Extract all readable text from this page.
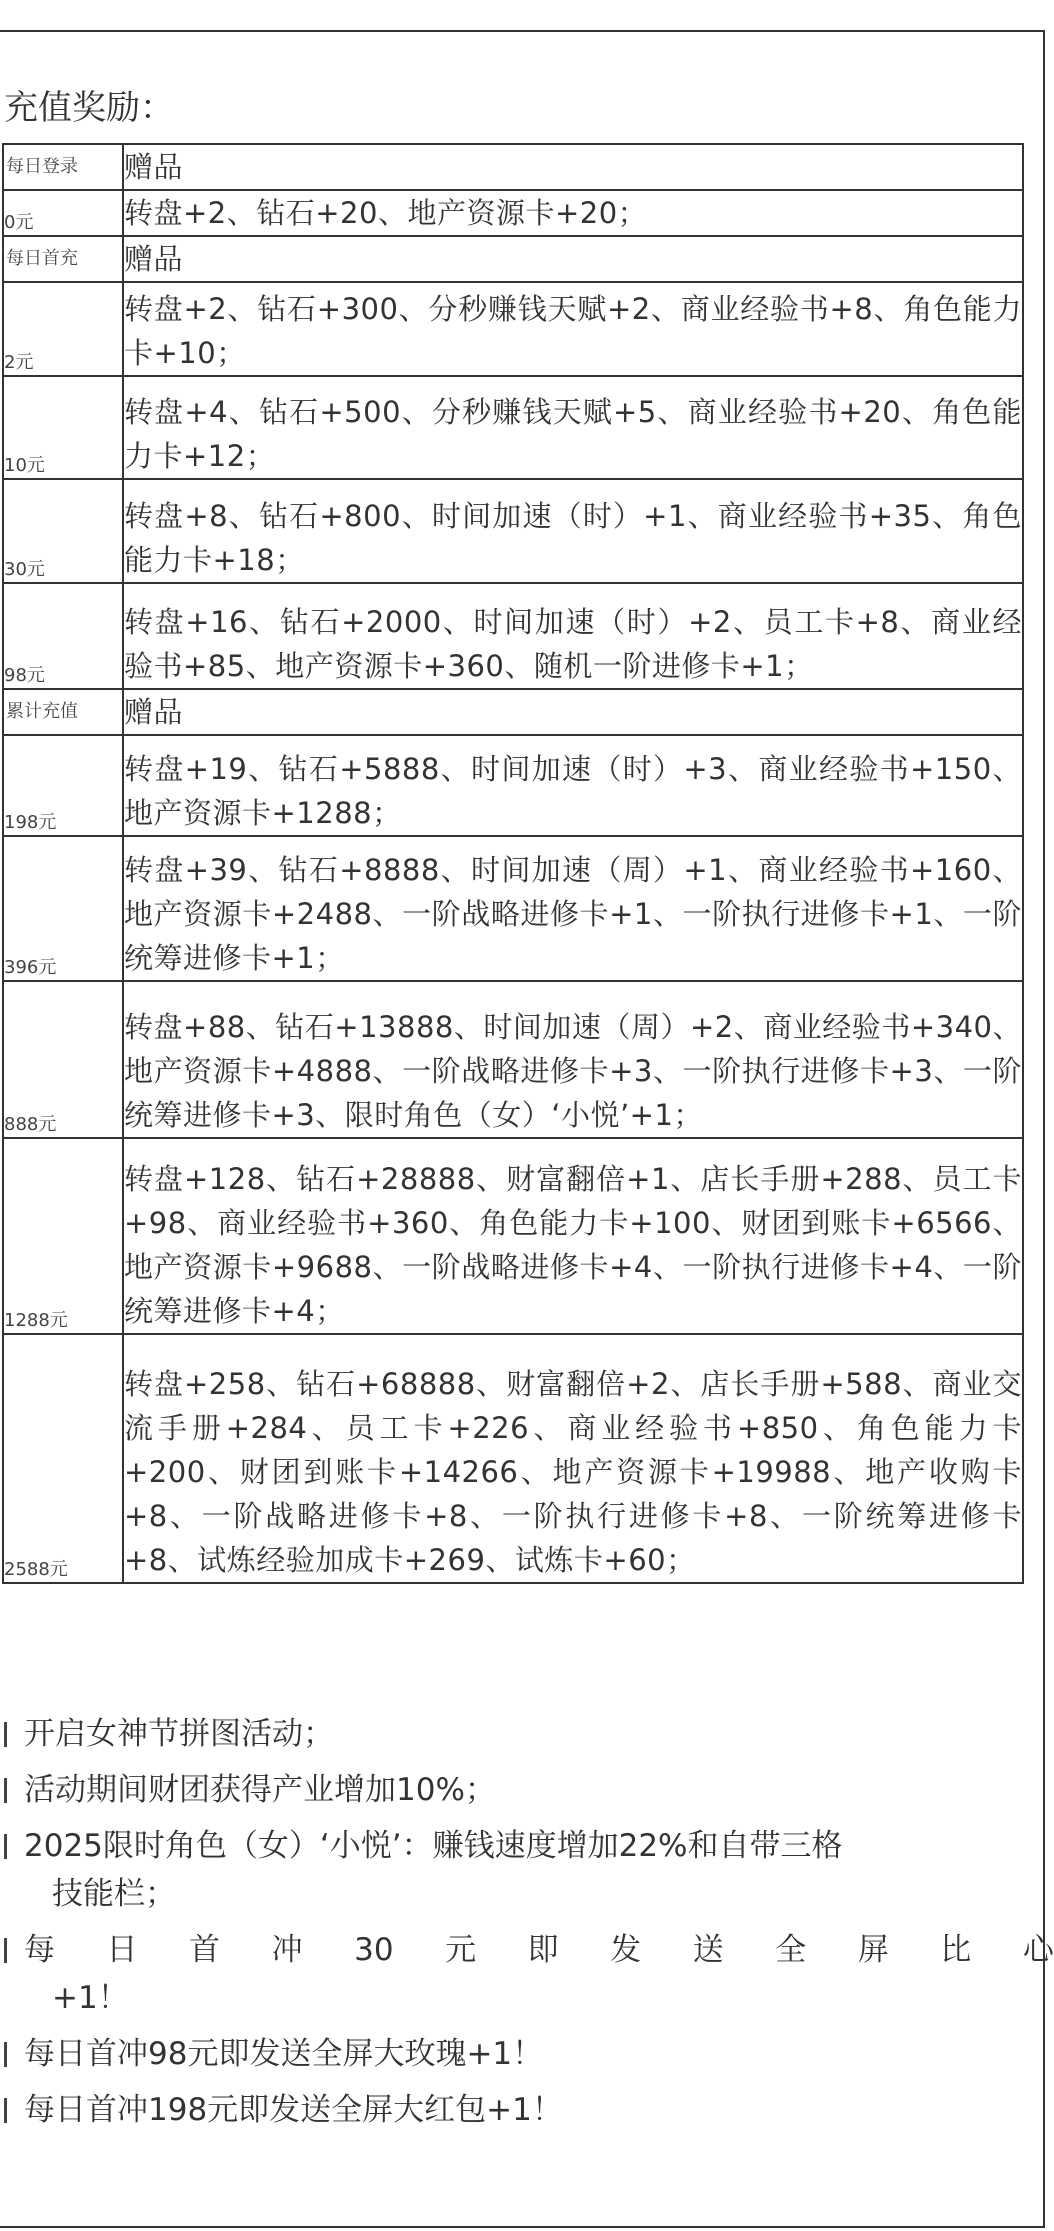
充值奖励：
每日登录	赠品
0元	转盘+2、钻石+20、地产资源卡+20；
每日首充	赠品
2元	转盘+2、钻石+300、分秒赚钱天赋+2、商业经验书+8、角色能力卡+10；
10元	转盘+4、钻石+500、分秒赚钱天赋+5、商业经验书+20、角色能力卡+12；
30元	转盘+8、钻石+800、时间加速（时）+1、商业经验书+35、角色能力卡+18；
98元	转盘+16、钻石+2000、时间加速（时）+2、员工卡+8、商业经验书+85、地产资源卡+360、随机一阶进修卡+1；
累计充值	赠品
198元	转盘+19、钻石+5888、时间加速（时）+3、商业经验书+150、地产资源卡+1288；
396元	转盘+39、钻石+8888、时间加速（周）+1、商业经验书+160、地产资源卡+2488、一阶战略进修卡+1、一阶执行进修卡+1、一阶统筹进修卡+1；
888元	转盘+88、钻石+13888、时间加速（周）+2、商业经验书+340、地产资源卡+4888、一阶战略进修卡+3、一阶执行进修卡+3、一阶统筹进修卡+3、限时角色（女）‘小悦’+1；
1288元	转盘+128、钻石+28888、财富翻倍+1、店长手册+288、员工卡+98、商业经验书+360、角色能力卡+100、财团到账卡+6566、地产资源卡+9688、一阶战略进修卡+4、一阶执行进修卡+4、一阶统筹进修卡+4；
2588元	转盘+258、钻石+68888、财富翻倍+2、店长手册+588、商业交流手册+284、员工卡+226、商业经验书+850、角色能力卡+200、财团到账卡+14266、地产资源卡+19988、地产收购卡+8、一阶战略进修卡+8、一阶执行进修卡+8、一阶统筹进修卡+8、试炼经验加成卡+269、试炼卡+60；
开启女神节拼图活动；
活动期间财团获得产业增加10%；
2025限时角色（女）‘小悦’：赚钱速度增加22%和自带三格
技能栏；
每 日 首 冲 30 元 即 发 送 全 屏 比 心
+1！
每日首冲98元即发送全屏大玫瑰+1！
每日首冲198元即发送全屏大红包+1！
